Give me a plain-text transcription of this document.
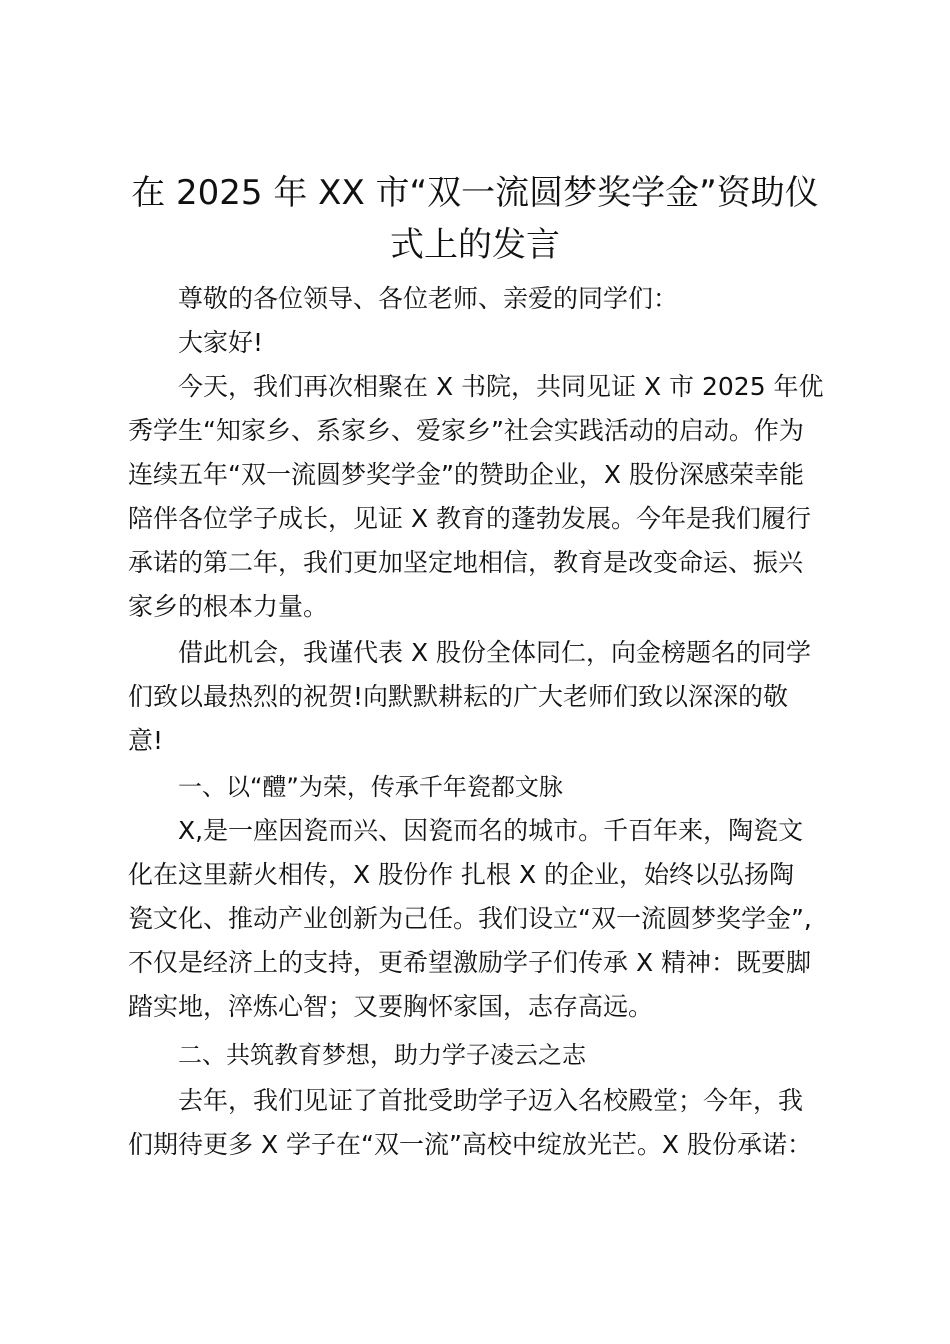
在 2025 年 XX 市“双一流圆梦奖学金”资助仪
式上的发言

尊敬的各位领导、各位老师、亲爱的同学们：

大家好!

今天，我们再次相聚在 X 书院，共同见证 X 市 2025 年优

秀学生“知家乡、系家乡、爱家乡”社会实践活动的启动。作为

连续五年“双一流圆梦奖学金”的赞助企业，X 股份深感荣幸能

陪伴各位学子成长，见证 X 教育的蓬勃发展。今年是我们履行

承诺的第二年，我们更加坚定地相信，教育是改变命运、振兴

家乡的根本力量。

借此机会，我谨代表 X 股份全体同仁，向金榜题名的同学

们致以最热烈的祝贺!向默默耕耘的广大老师们致以深深的敬

意!

一、以“醴”为荣，传承千年瓷都文脉

X,是一座因瓷而兴、因瓷而名的城市。千百年来，陶瓷文

化在这里薪火相传，X 股份作 扎根 X 的企业，始终以弘扬陶

瓷文化、推动产业创新为己任。我们设立“双一流圆梦奖学金”,

不仅是经济上的支持，更希望激励学子们传承 X 精神：既要脚

踏实地，淬炼心智；又要胸怀家国，志存高远。

二、共筑教育梦想，助力学子凌云之志

去年，我们见证了首批受助学子迈入名校殿堂；今年，我

们期待更多 X 学子在“双一流”高校中绽放光芒。X 股份承诺：
